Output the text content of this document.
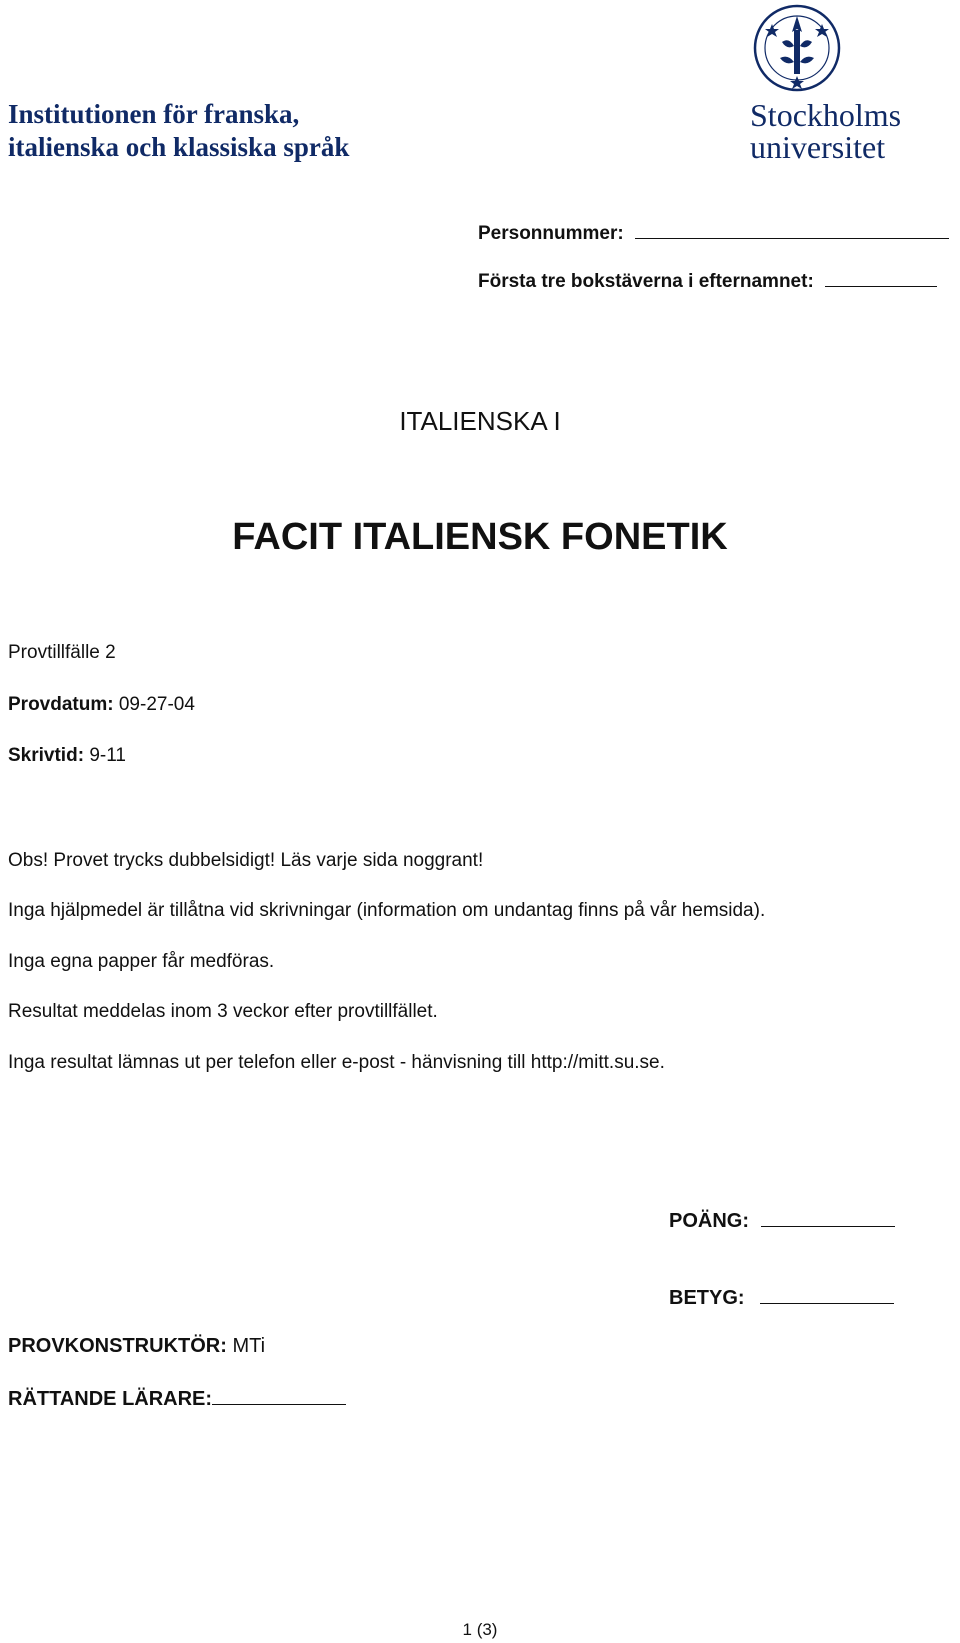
Institutionen för franska,
italienska och klassiska språk
Stockholms
universitet
Personnummer:
Första tre bokstäverna i efternamnet:
ITALIENSKA I
FACIT ITALIENSK FONETIK
Provtillfälle 2
Provdatum: 09-27-04
Skrivtid: 9-11
Obs! Provet trycks dubbelsidigt! Läs varje sida noggrant!
Inga hjälpmedel är tillåtna vid skrivningar (information om undantag finns på vår hemsida).
Inga egna papper får medföras.
Resultat meddelas inom 3 veckor efter provtillfället.
Inga resultat lämnas ut per telefon eller e-post - hänvisning till http://mitt.su.se.
POÄNG:
BETYG:
PROVKONSTRUKTÖR: MTi
RÄTTANDE LÄRARE:
1 (3)
